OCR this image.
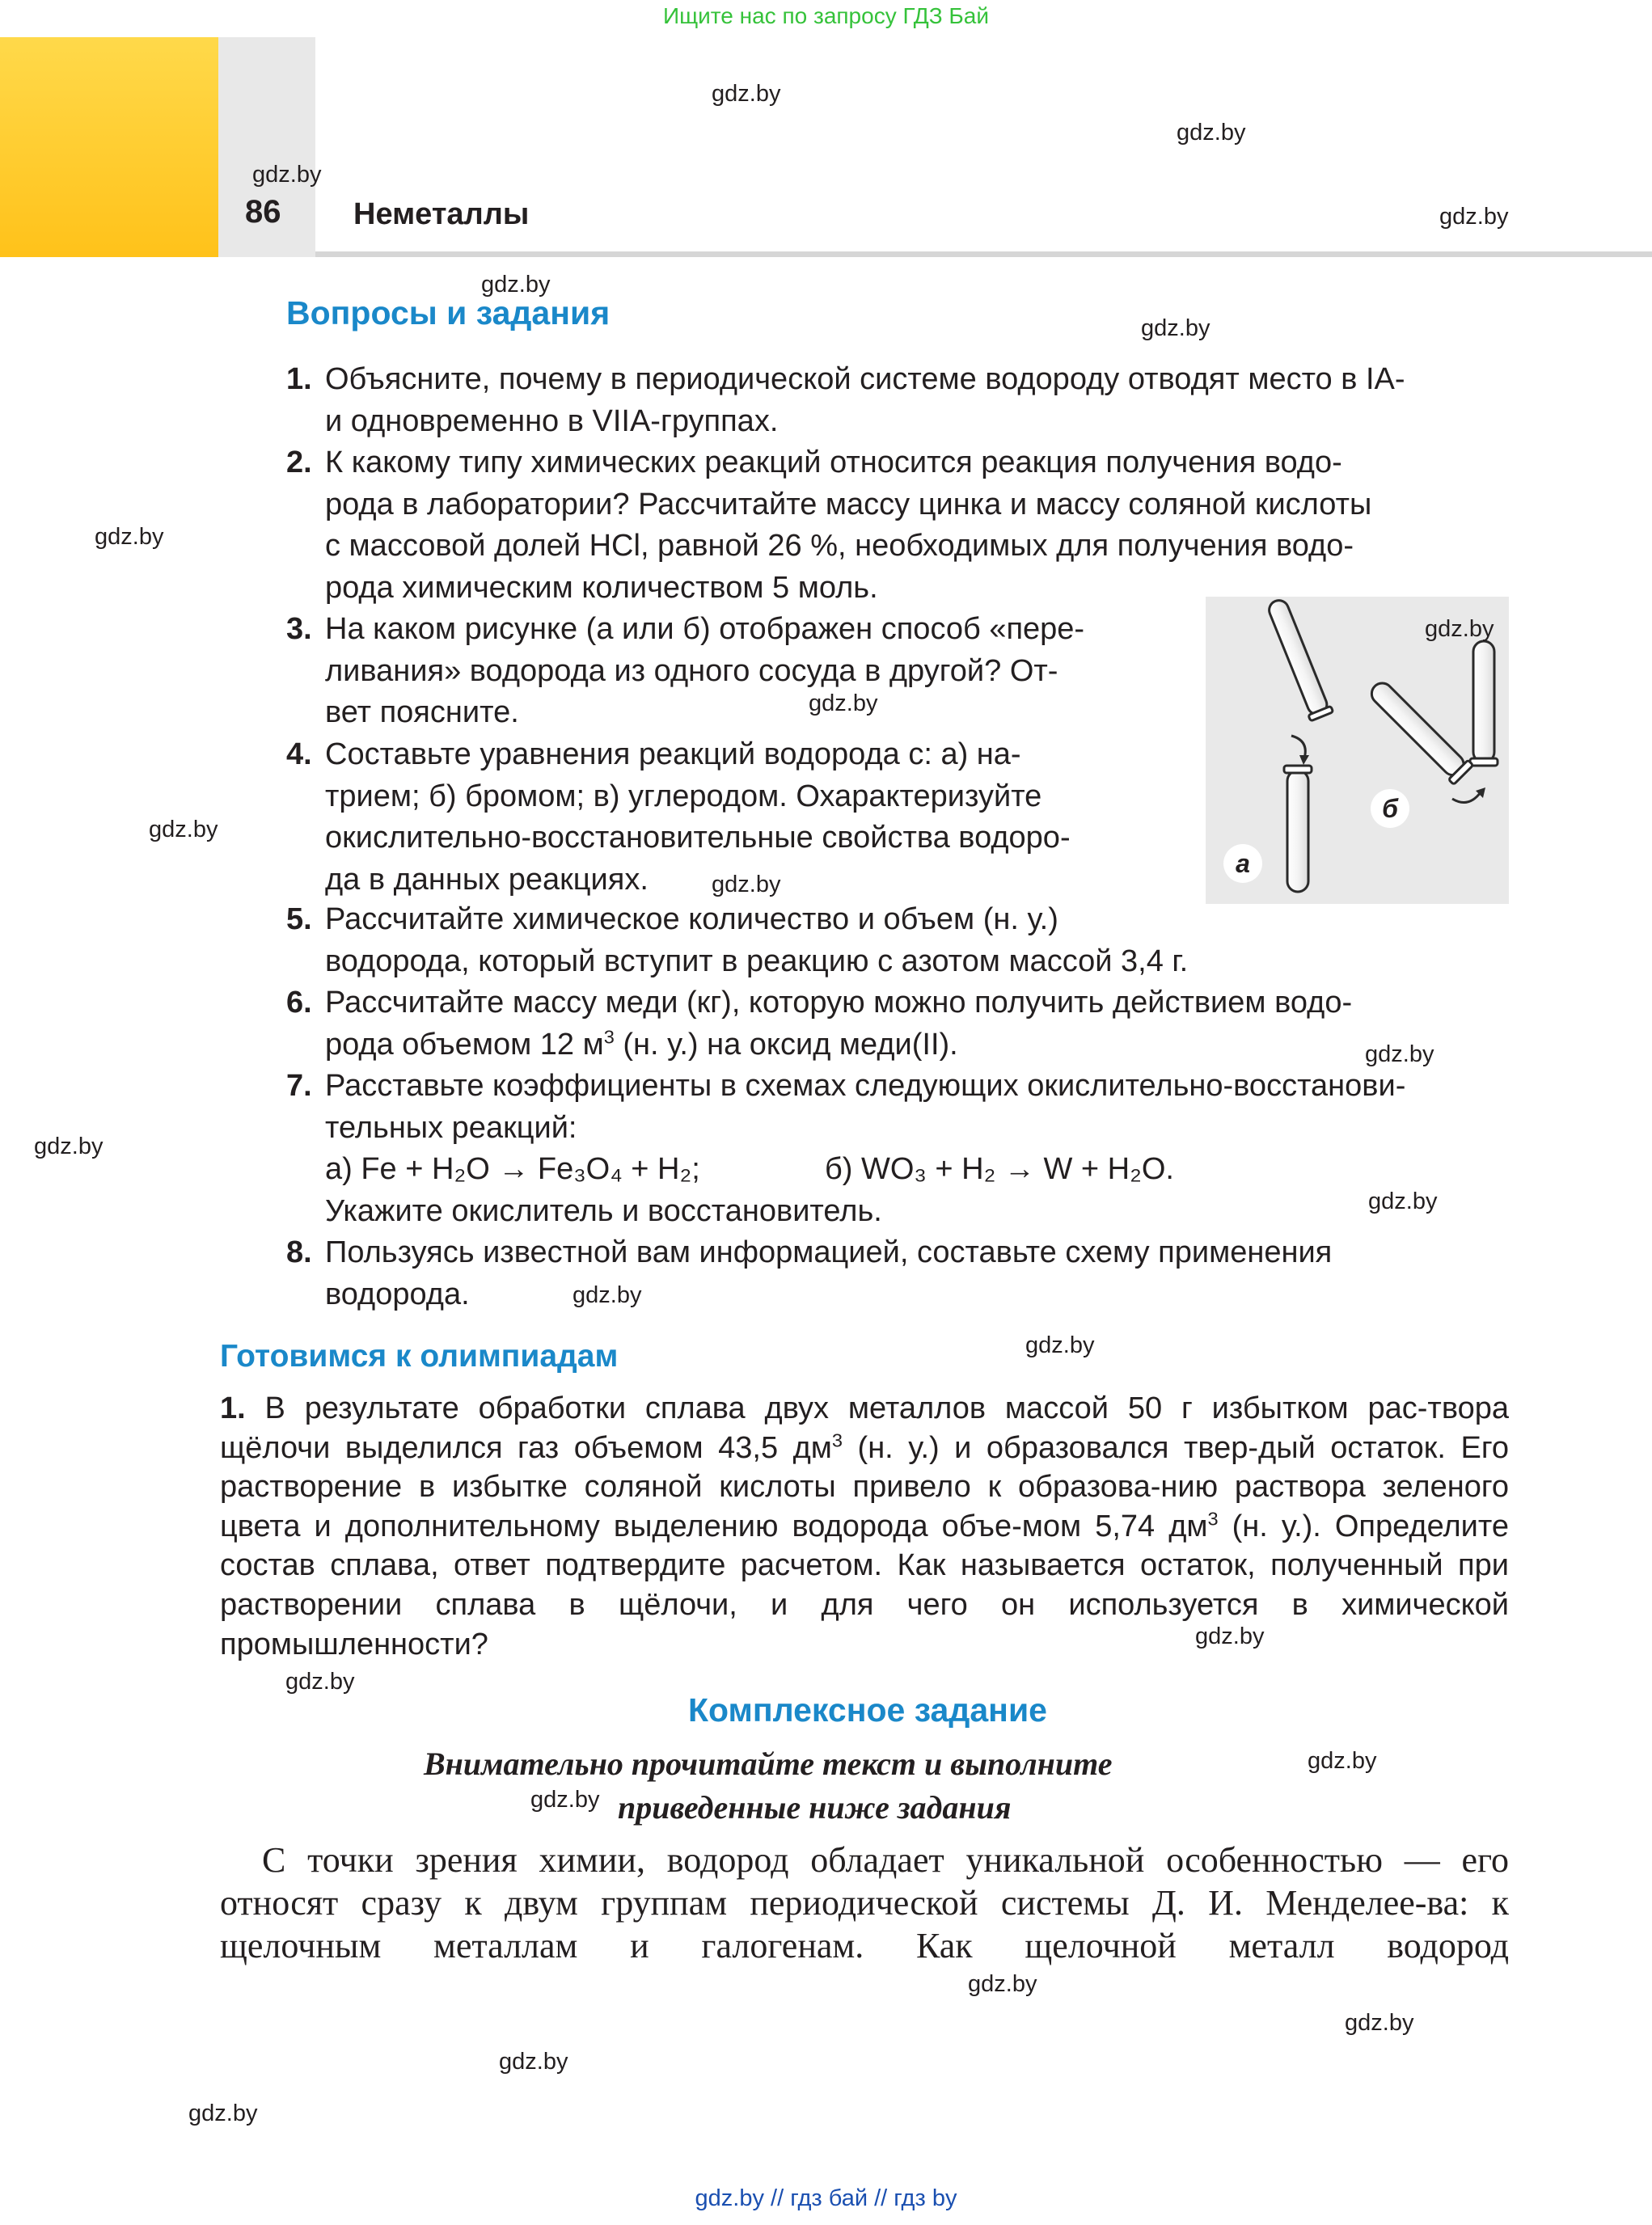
Ищите нас по запросу ГДЗ Бай
86 Неметаллы
gdz.by
gdz.by
gdz.by
gdz.by
gdz.by
gdz.by
gdz.by
gdz.by
gdz.by
gdz.by
gdz.by
gdz.by
gdz.by
gdz.by
gdz.by
gdz.by
gdz.by
gdz.by
gdz.by
gdz.by
gdz.by
gdz.by
gdz.by
Вопросы и задания
1. Объясните, почему в периодической системе водороду отводят место в IA-
и одновременно в VIIA-группах.
2. К какому типу химических реакций относится реакция получения водо-
рода в лаборатории? Рассчитайте массу цинка и массу соляной кислоты
с массовой долей HCl, равной 26 %, необходимых для получения водо-
рода химическим количеством 5 моль.
3. На каком рисунке (а или б) отображен способ «пере-
ливания» водорода из одного сосуда в другой? От-
вет поясните.
4. Составьте уравнения реакций водорода с: а) на-
трием; б) бромом; в) углеродом. Охарактеризуйте
окислительно-восстановительные свойства водоро-
да в данных реакциях.
5. Рассчитайте химическое количество и объем (н. у.)
водорода, который вступит в реакцию с азотом массой 3,4 г.
6. Рассчитайте массу меди (кг), которую можно получить действием водо-
рода объемом 12 $м^3$ (н. у.) на оксид меди(II).
7. Расставьте коэффициенты в схемах следующих окислительно-восстанови-
тельных реакций:
а) Fe + H₂O → Fe₃O₄ + H₂;	б) WO₃ + H₂ → W + H₂O.
Укажите окислитель и восстановитель.
8. Пользуясь известной вам информацией, составьте схему применения
водорода.
а
б
gdz.by
Готовимся к олимпиадам
1. В результате обработки сплава двух металлов массой 50 г избытком рас-твора щёлочи выделился газ объемом 43,5 $дм^3$ (н. у.) и образовался твер-дый остаток. Его растворение в избытке соляной кислоты привело к образова-нию раствора зеленого цвета и дополнительному выделению водорода объе-мом 5,74 $дм^3$ (н. у.). Определите состав сплава, ответ подтвердите расчетом. Как называется остаток, полученный при растворении сплава в щёлочи, и для чего он используется в химической промышленности?
Комплексное задание
Внимательно прочитайте текст и выполните
приведенные ниже задания
С точки зрения химии, водород обладает уникальной особенностью — его относят сразу к двум группам периодической системы Д. И. Менделее-ва: к щелочным металлам и галогенам. Как щелочной металл водород
gdz.by // гдз бай // гдз by
